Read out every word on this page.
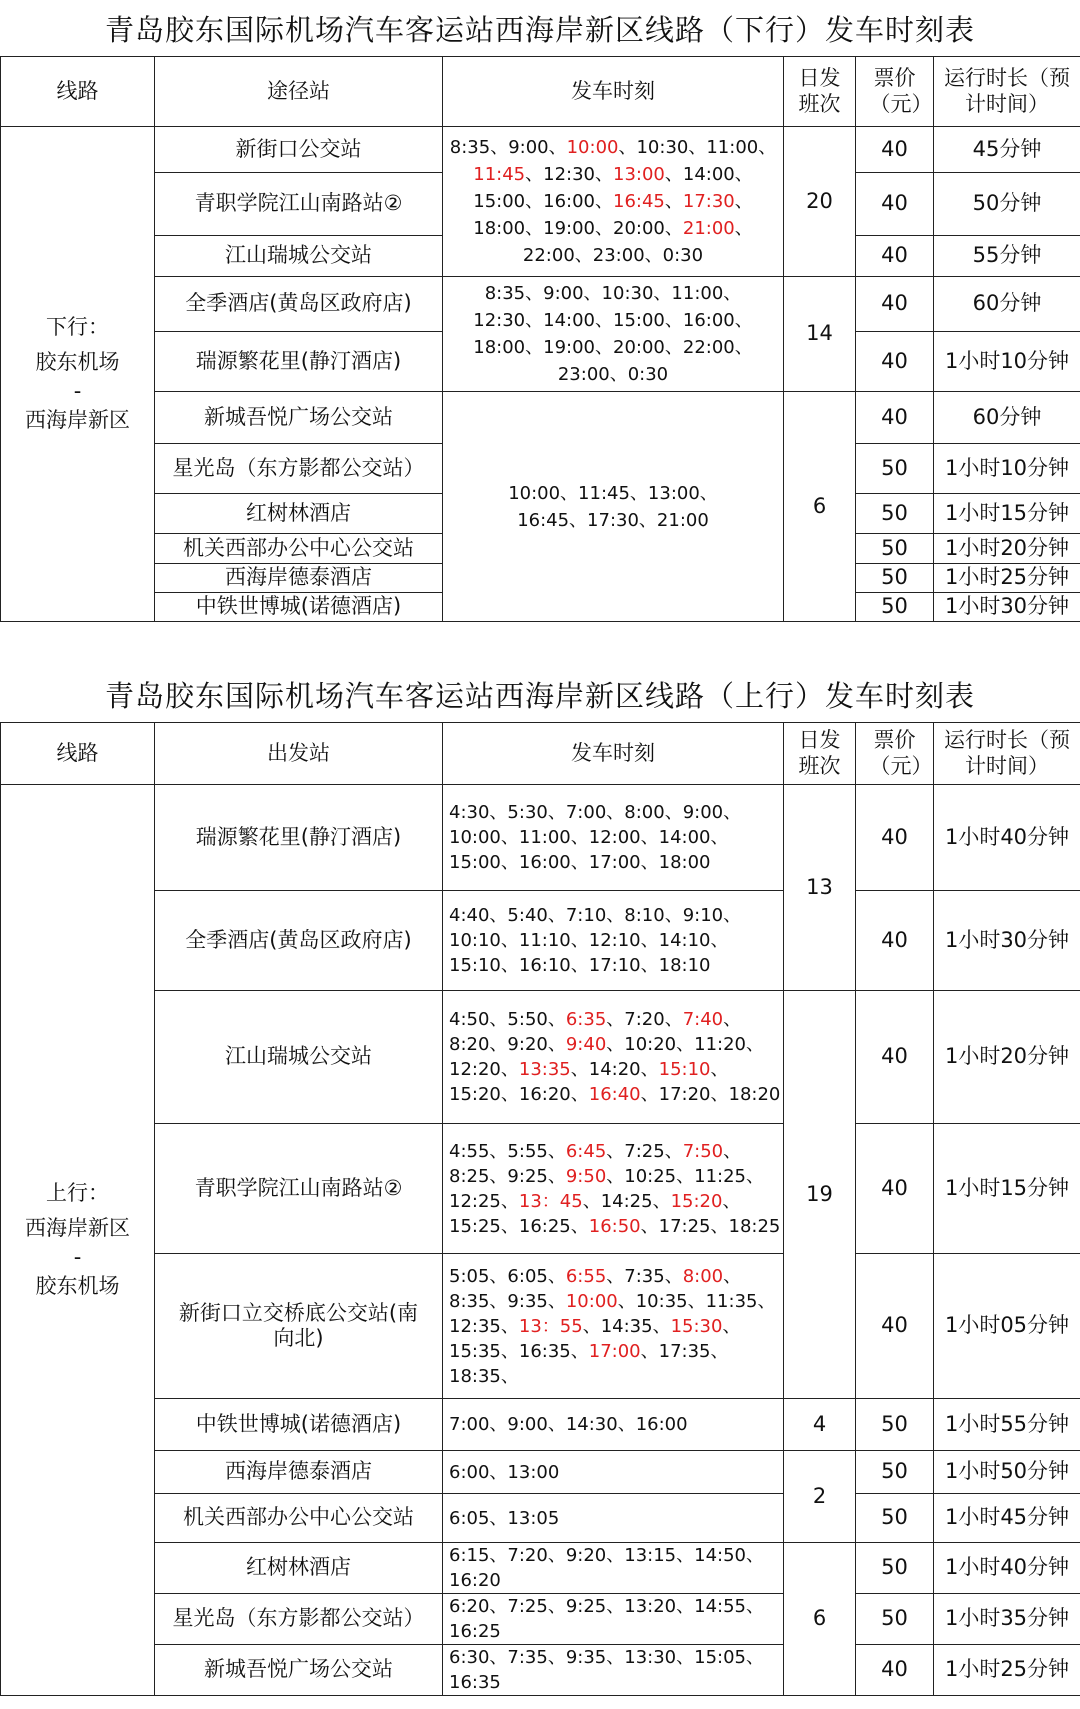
青岛胶东国际机场汽车客运站西海岸新区线路（下行）发车时刻表
线路	途径站	发车时刻	日发班次	票价（元）	运行时长（预计时间）

下行：
胶东机场
-
西海岸新区	新街口公交站	8:35、9:00、10:00、10:30、11:00、11:45、12:30、13:00、14:00、15:00、16:00、16:45、17:30、18:00、19:00、20:00、21:00、22:00、23:00、0:30	20	40	45分钟
	青职学院江山南路站②			40	50分钟
	江山瑞城公交站			40	55分钟
	全季酒店(黄岛区政府店)	8:35、9:00、10:30、11:00、12:30、14:00、15:00、16:00、18:00、19:00、20:00、22:00、23:00、0:30	14	40	60分钟
	瑞源繁花里(静汀酒店)			40	1小时10分钟
	新城吾悦广场公交站	10:00、11:45、13:00、16:45、17:30、21:00	6	40	60分钟
	星光岛（东方影都公交站）			50	1小时10分钟
	红树林酒店			50	1小时15分钟
	机关西部办公中心公交站			50	1小时20分钟
	西海岸德泰酒店			50	1小时25分钟
	中铁世博城(诺德酒店)			50	1小时30分钟
青岛胶东国际机场汽车客运站西海岸新区线路（上行）发车时刻表
线路	出发站	发车时刻	日发班次	票价（元）	运行时长（预计时间）

上行：
西海岸新区
-
胶东机场	瑞源繁花里(静汀酒店)	4:30、5:30、7:00、8:00、9:00、10:00、11:00、12:00、14:00、15:00、16:00、17:00、18:00	13	40	1小时40分钟
	全季酒店(黄岛区政府店)	4:40、5:40、7:10、8:10、9:10、10:10、11:10、12:10、14:10、15:10、16:10、17:10、18:10		40	1小时30分钟
	江山瑞城公交站	4:50、5:50、6:35、7:20、7:40、8:20、9:20、9:40、10:20、11:20、12:20、13:35、14:20、15:10、15:20、16:20、16:40、17:20、18:20	19	40	1小时20分钟
	青职学院江山南路站②	4:55、5:55、6:45、7:25、7:50、8:25、9:25、9:50、10:25、11:25、12:25、13：45、14:25、15:20、15:25、16:25、16:50、17:25、18:25		40	1小时15分钟

	新街口立交桥底公交站(南向北)	5:05、6:05、6:55、7:35、8:00、8:35、9:35、10:00、10:35、11:35、12:35、13：55、14:35、15:30、15:35、16:35、17:00、17:35、18:35、		40	1小时05分钟
	中铁世博城(诺德酒店)	7:00、9:00、14:30、16:00	4	50	1小时55分钟
	西海岸德泰酒店	6:00、13:00	2	50	1小时50分钟
	机关西部办公中心公交站	6:05、13:05		50	1小时45分钟
	红树林酒店	6:15、7:20、9:20、13:15、14:50、16:20	6	50	1小时40分钟
	星光岛（东方影都公交站）	6:20、7:25、9:25、13:20、14:55、16:25		50	1小时35分钟
	新城吾悦广场公交站	6:30、7:35、9:35、13:30、15:05、16:35		40	1小时25分钟
